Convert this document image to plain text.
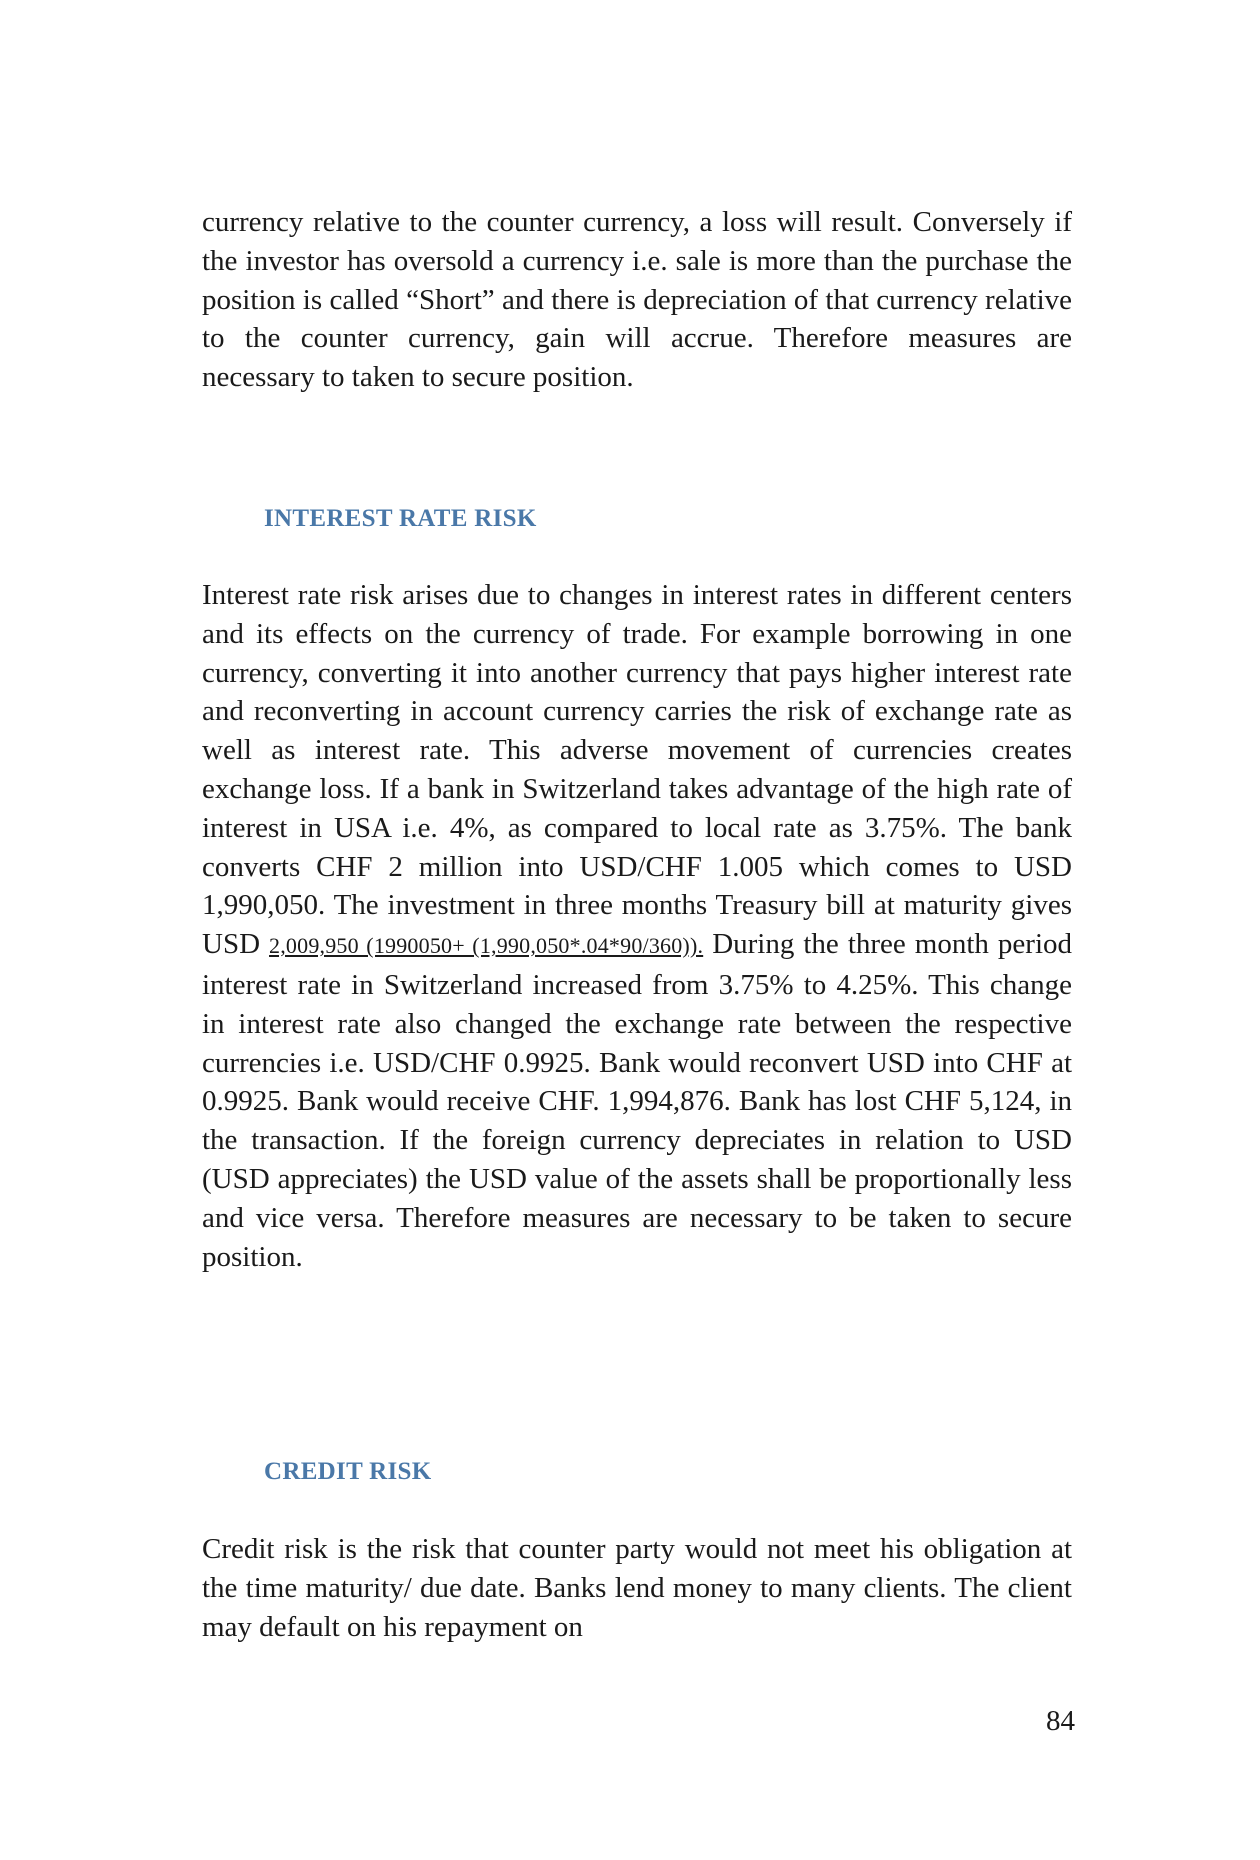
currency relative to the counter currency, a loss will result. Conversely if the investor has oversold a currency i.e. sale is more than the purchase the position is called “Short” and there is depreciation of that currency relative to the counter currency, gain will accrue. Therefore measures are necessary to taken to secure position.

INTEREST RATE RISK

Interest rate risk arises due to changes in interest rates in different centers and its effects on the currency of trade. For example borrowing in one currency, converting it into another currency that pays higher interest rate and reconverting in account currency carries the risk of exchange rate as well as interest rate. This adverse movement of currencies creates exchange loss. If a bank in Switzerland takes advantage of the high rate of interest in USA i.e. 4%, as compared to local rate as 3.75%. The bank converts CHF 2 million into USD/CHF 1.005 which comes to USD 1,990,050. The investment in three months Treasury bill at maturity gives USD 2,009,950 (1990050+ (1,990,050*.04*90/360)). During the three month period interest rate in Switzerland increased from 3.75% to 4.25%. This change in interest rate also changed the exchange rate between the respective currencies i.e. USD/CHF 0.9925. Bank would reconvert USD into CHF at 0.9925. Bank would receive CHF. 1,994,876. Bank has lost CHF 5,124, in the transaction. If the foreign currency depreciates in relation to USD (USD appreciates) the USD value of the assets shall be proportionally less and vice versa. Therefore measures are necessary to be taken to secure position.

CREDIT RISK

Credit risk is the risk that counter party would not meet his obligation at the time maturity/ due date. Banks lend money to many clients. The client may default on his repayment on

84
